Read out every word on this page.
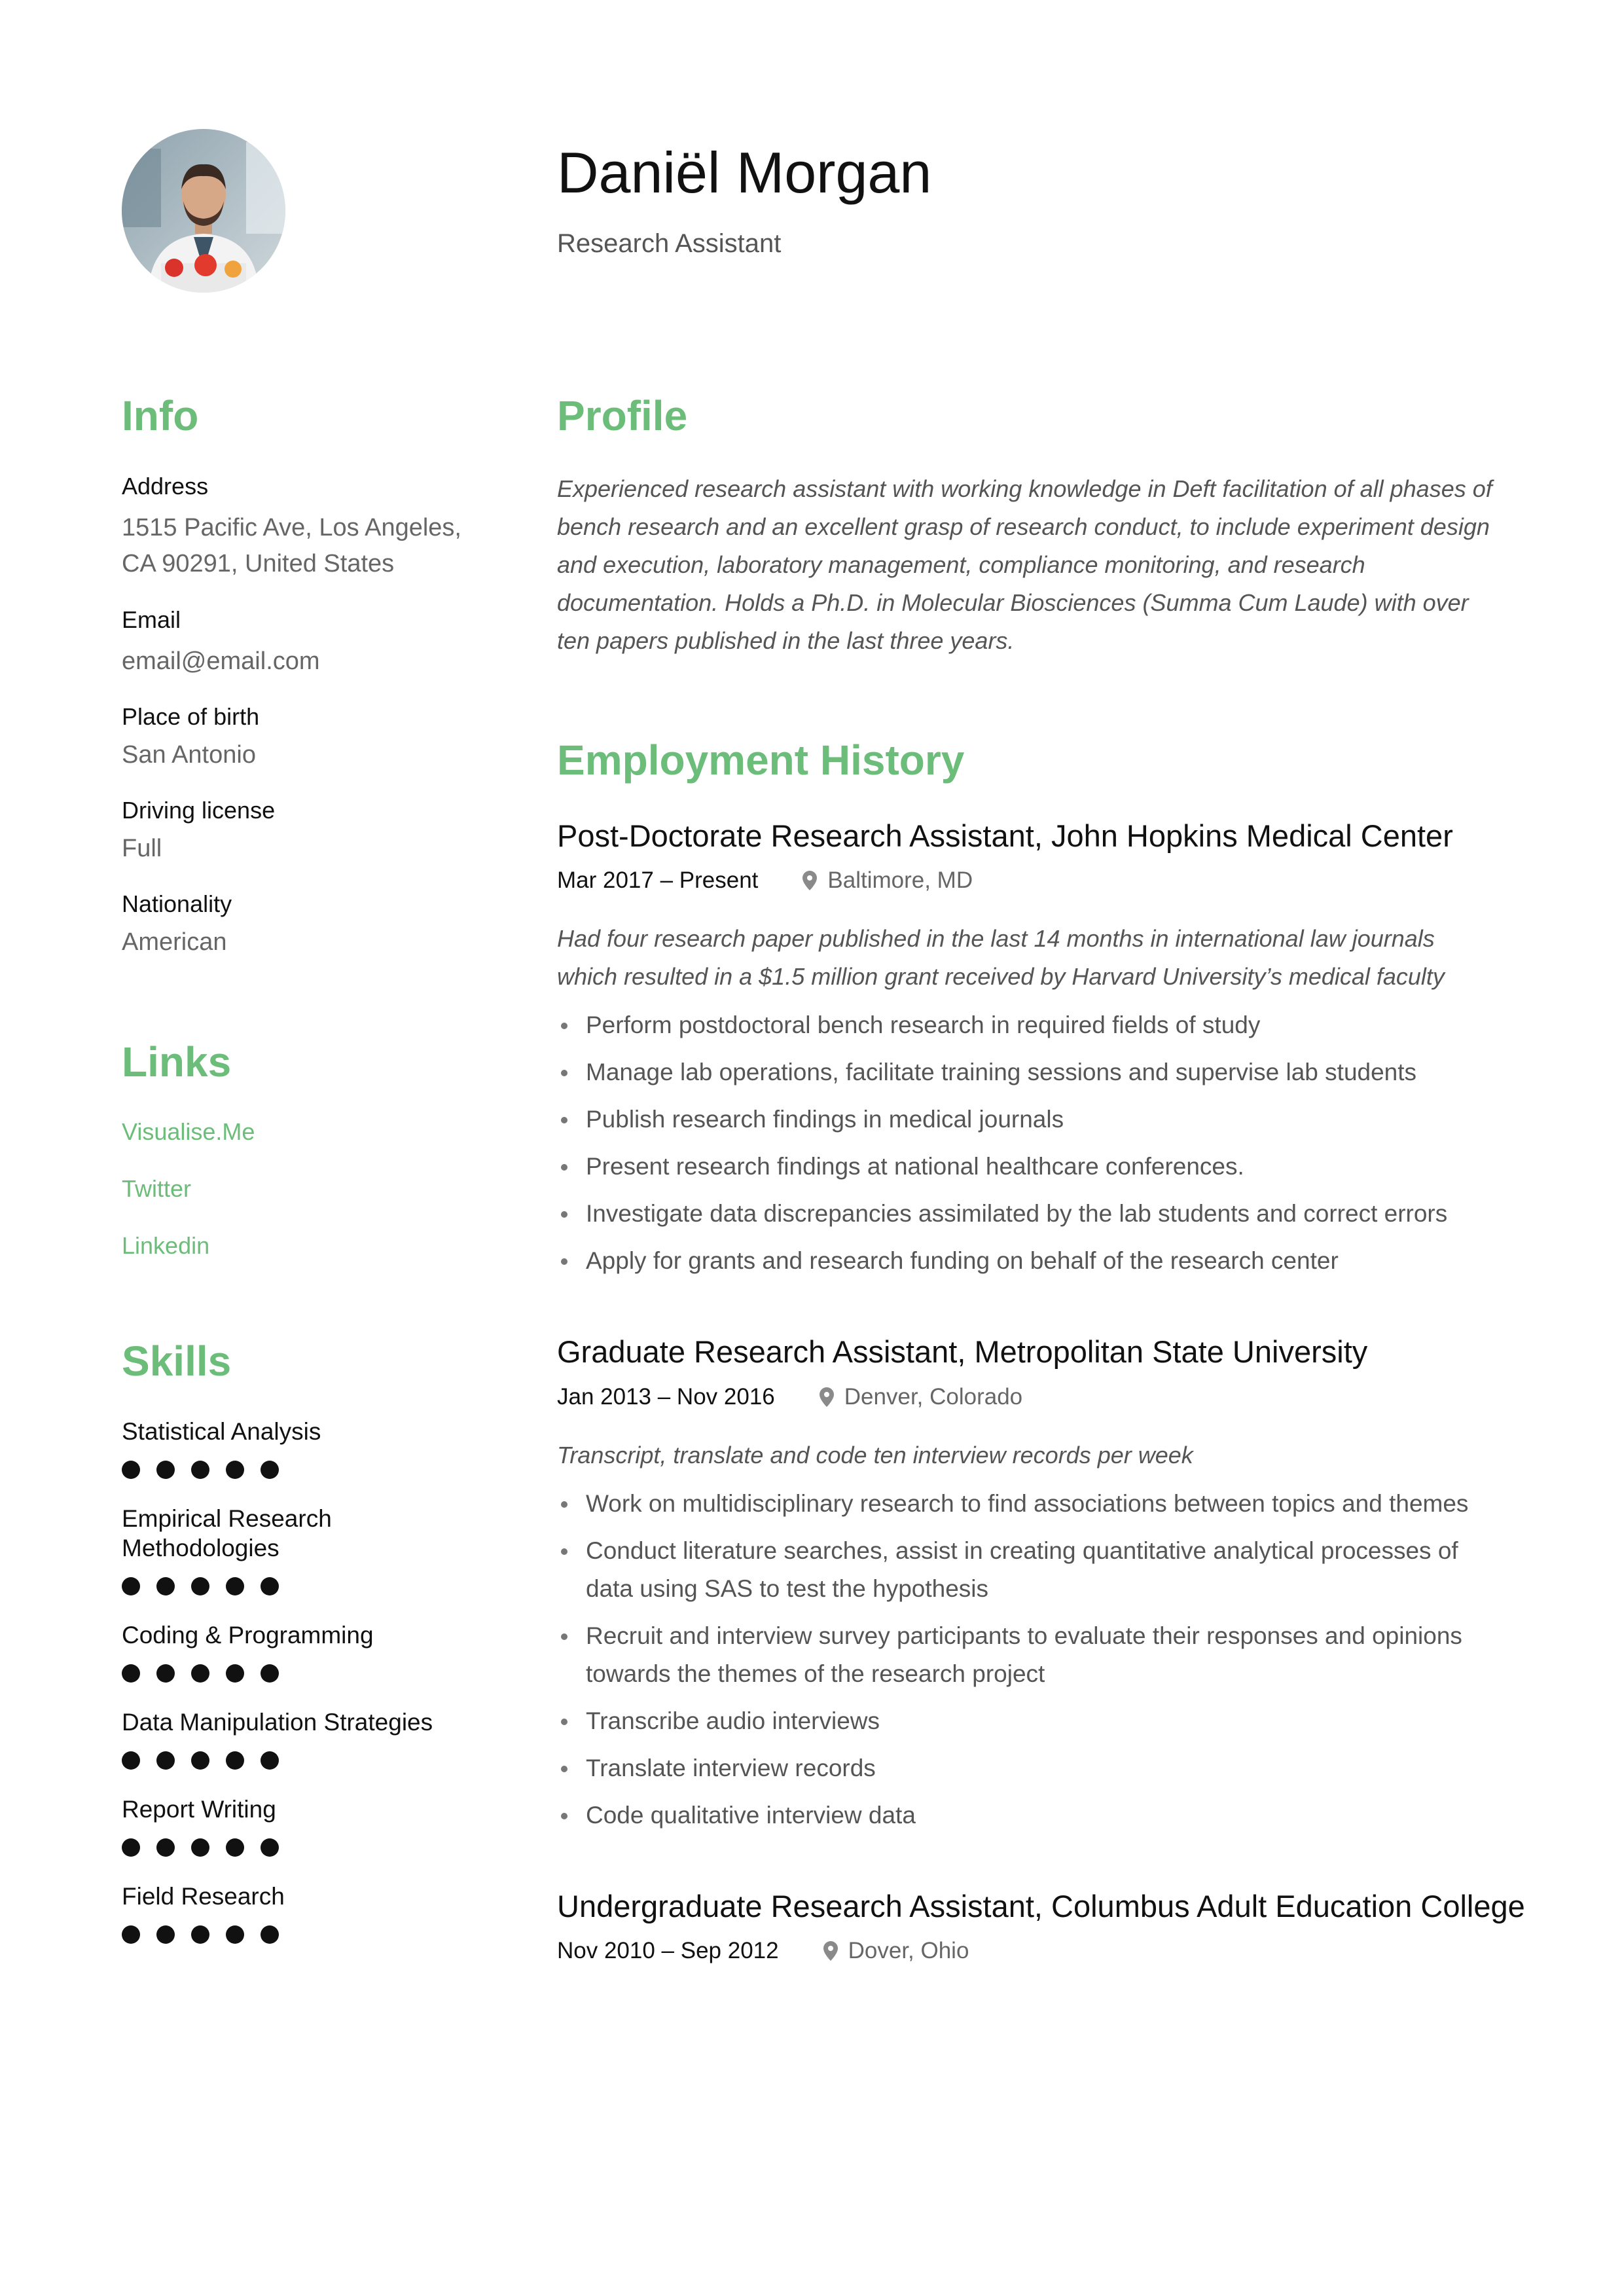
Daniël Morgan
Research Assistant
Info

Address

1515 Pacific Ave, Los Angeles, CA 90291, United States

Email

email@email.com

Place of birth

San Antonio

Driving license

Full

Nationality

American

Links
Visualise.Me
Twitter
Linkedin
Skills
Statistical Analysis
Empirical Research Methodologies
Coding & Programming
Data Manipulation Strategies
Report Writing
Field Research
Profile

Experienced research assistant with working knowledge in Deft facilitation of all phases of bench research and an excellent grasp of research conduct, to include experiment design and execution, laboratory management, compliance monitoring, and research documentation. Holds a Ph.D. in Molecular Biosciences (Summa Cum Laude) with over ten papers published in the last three years.

Employment History
Post-Doctorate Research Assistant, John Hopkins Medical Center
Mar 2017 – Present	Baltimore, MD

Had four research paper published in the last 14 months in international law journals which resulted in a $1.5 million grant received by Harvard University’s medical faculty

Perform postdoctoral bench research in required fields of study
Manage lab operations, facilitate training sessions and supervise lab students
Publish research findings in medical journals
Present research findings at national healthcare conferences.
Investigate data discrepancies assimilated by the lab students and correct errors
Apply for grants and research funding on behalf of the research center
Graduate Research Assistant, Metropolitan State University
Jan 2013 – Nov 2016	Denver, Colorado

Transcript, translate and code ten interview records per week

Work on multidisciplinary research to find associations between topics and themes
Conduct literature searches, assist in creating quantitative analytical processes of data using SAS to test the hypothesis
Recruit and interview survey participants to evaluate their responses and opinions towards the themes of the research project
Transcribe audio interviews
Translate interview records
Code qualitative interview data
Undergraduate Research Assistant, Columbus Adult Education College
Nov 2010 – Sep 2012	Dover, Ohio
